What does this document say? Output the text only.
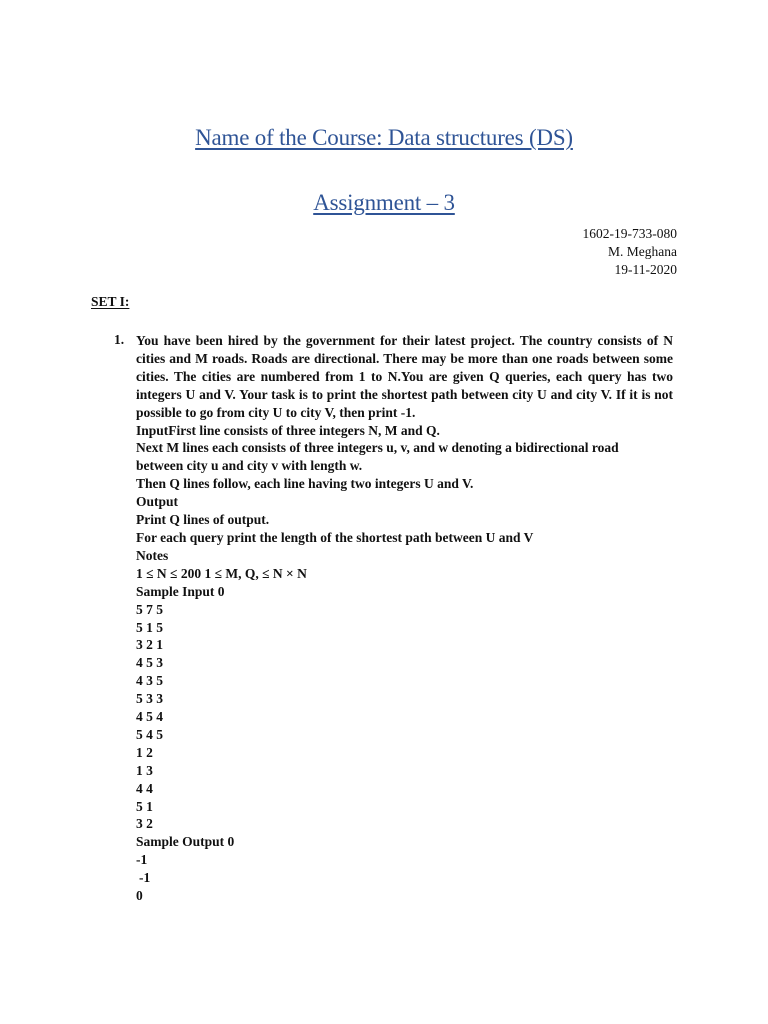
Name of the Course: Data structures (DS)
Assignment – 3
1602-19-733-080
M. Meghana
19-11-2020
SET I:
1. You have been hired by the government for their latest project. The country consists of N cities and M roads. Roads are directional. There may be more than one roads between some cities. The cities are numbered from 1 to N.You are given Q queries, each query has two integers U and V. Your task is to print the shortest path between city U and city V. If it is not possible to go from city U to city V, then print -1.
InputFirst line consists of three integers N, M and Q.
Next M lines each consists of three integers u, v, and w denoting a bidirectional road
between city u and city v with length w.
Then Q lines follow, each line having two integers U and V.
Output
Print Q lines of output.
For each query print the length of the shortest path between U and V
Notes
1 ≤ N ≤ 200 1 ≤ M, Q, ≤ N × N
Sample Input 0
5 7 5
5 1 5
3 2 1
4 5 3
4 3 5
5 3 3
4 5 4
5 4 5
1 2
1 3
4 4
5 1
3 2
Sample Output 0
-1
-1
0
